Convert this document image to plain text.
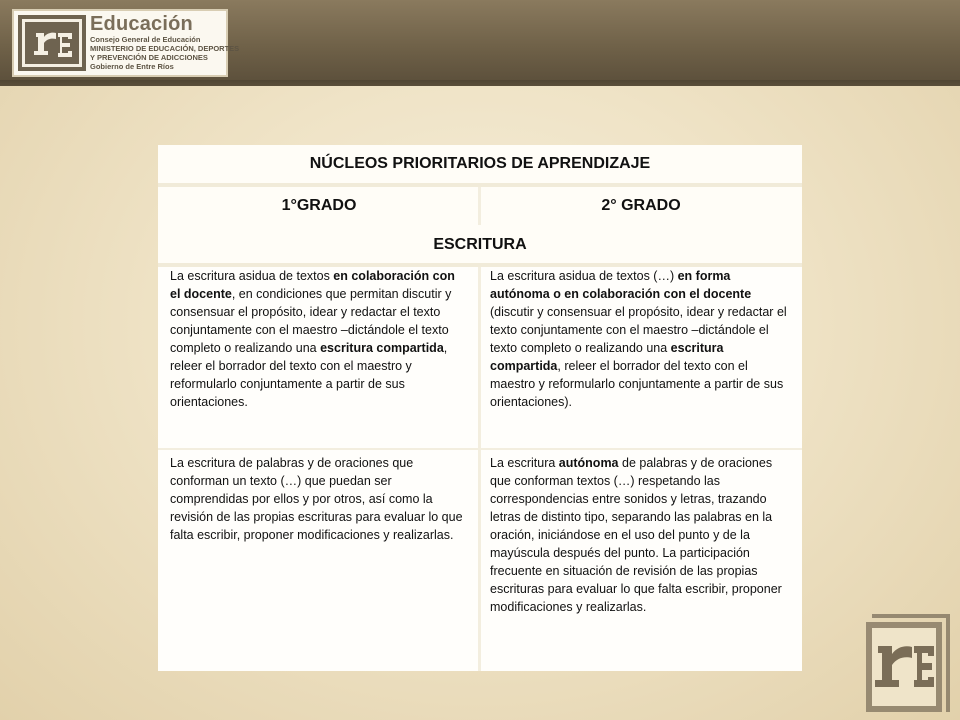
Educación
Consejo General de Educación
MINISTERIO DE EDUCACIÓN, DEPORTES
Y PREVENCIÓN DE ADICCIONES
Gobierno de Entre Ríos
NÚCLEOS PRIORITARIOS DE APRENDIZAJE
1°GRADO	2° GRADO
ESCRITURA
La escritura asidua de textos en colaboración con el docente, en condiciones que permitan discutir y consensuar el propósito, idear y redactar el texto conjuntamente con el maestro –dictándole el texto completo o realizando una escritura compartida, releer el borrador del texto con el maestro y reformularlo conjuntamente a partir de sus orientaciones.
La escritura asidua de textos (…) en forma autónoma o en colaboración con el docente (discutir y consensuar el propósito, idear y redactar el texto conjuntamente con el maestro –dictándole el texto completo o realizando una escritura compartida, releer el borrador del texto con el maestro y reformularlo conjuntamente a partir de sus orientaciones).
La escritura de palabras y de oraciones que conforman un texto (…) que puedan ser comprendidas por ellos y por otros, así como la revisión de las propias escrituras para evaluar lo que falta escribir, proponer modificaciones y realizarlas.
La escritura autónoma de palabras y de oraciones que conforman textos (…) respetando las correspondencias entre sonidos y letras, trazando letras de distinto tipo, separando las palabras en la oración, iniciándose en el uso del punto y de la mayúscula después del punto. La participación frecuente en situación de revisión de las propias escrituras para evaluar lo que falta escribir, proponer modificaciones y realizarlas.
